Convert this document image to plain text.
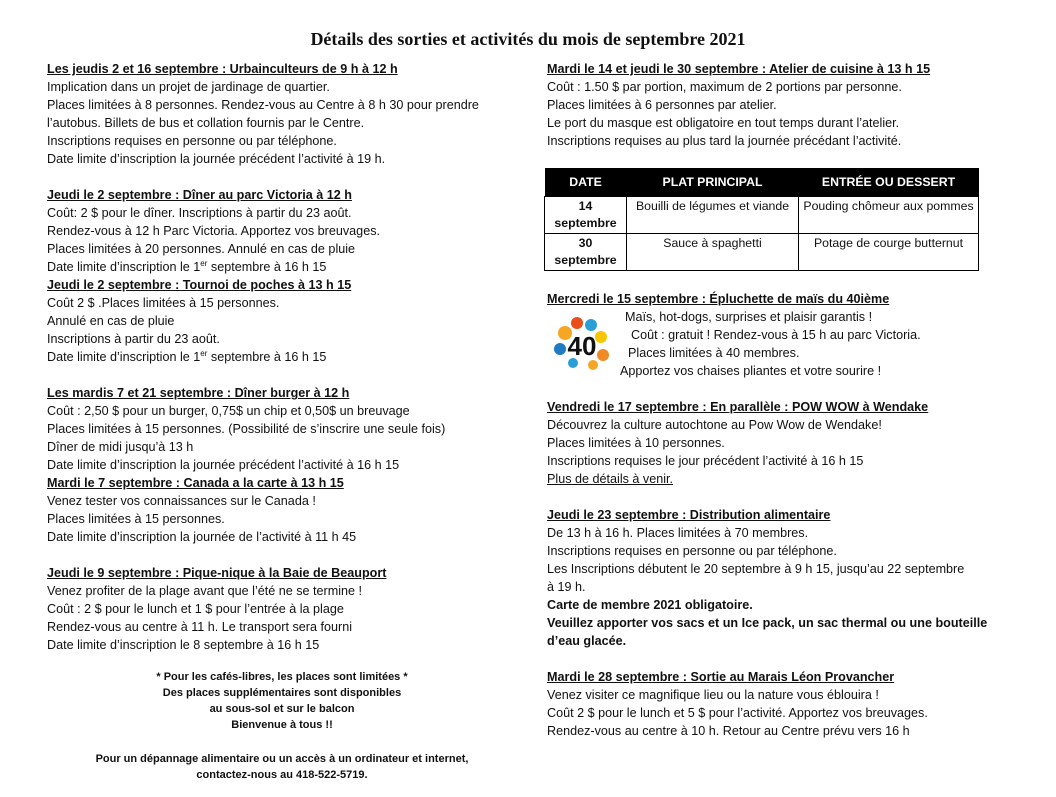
Détails des sorties et activités du mois de septembre 2021
Les jeudis 2 et 16 septembre : Urbainculteurs de 9 h à 12 h
Implication dans un projet de jardinage de quartier.
Places limitées à 8 personnes. Rendez-vous au Centre à 8 h 30 pour prendre
l’autobus. Billets de bus et collation fournis par le Centre.
Inscriptions requises en personne ou par téléphone.
Date limite d’inscription la journée précédent l’activité à 19 h.
Jeudi le 2 septembre : Dîner au parc Victoria à 12 h
Coût: 2 $ pour le dîner. Inscriptions à partir du 23 août.
Rendez-vous à 12 h Parc Victoria. Apportez vos breuvages.
Places limitées à 20 personnes. Annulé en cas de pluie
Date limite d’inscription le 1er septembre à 16 h 15
Jeudi le 2 septembre : Tournoi de poches à 13 h 15
Coût 2 $ .Places limitées à 15 personnes.
Annulé en cas de pluie
Inscriptions à partir du 23 août.
Date limite d’inscription le 1er septembre à 16 h 15
Les mardis 7 et 21 septembre : Dîner burger à 12 h
Coût : 2,50 $ pour un burger, 0,75$ un chip et 0,50$ un breuvage
Places limitées à 15 personnes. (Possibilité de s’inscrire une seule fois)
Dîner de midi jusqu’à 13 h
Date limite d’inscription la journée précédent l’activité à 16 h 15
Mardi le 7 septembre : Canada a la carte à 13 h 15
Venez tester vos connaissances sur le Canada !
Places limitées à 15 personnes.
Date limite d’inscription la journée de l’activité à 11 h 45
Jeudi le 9 septembre : Pique-nique à la Baie de Beauport
Venez profiter de la plage avant que l’été ne se termine !
Coût : 2 $ pour le lunch et 1 $ pour l’entrée à la plage
Rendez-vous au centre à 11 h. Le transport sera fourni
Date limite d’inscription le 8 septembre à 16 h 15
* Pour les cafés-libres, les places sont limitées *
Des places supplémentaires sont disponibles
au sous-sol et sur le balcon
Bienvenue à tous !!
Pour un dépannage alimentaire ou un accès à un ordinateur et internet,
contactez-nous au 418-522-5719.
Mardi le 14 et jeudi le 30 septembre : Atelier de cuisine à 13 h 15
Coût : 1.50 $ par portion, maximum de 2 portions par personne.
Places limitées à 6 personnes par atelier.
Le port du masque est obligatoire en tout temps durant l’atelier.
Inscriptions requises au plus tard la journée précédant l’activité.
DATE	PLAT PRINCIPAL	ENTRÉE OU DESSERT
14
septembre	Bouilli de légumes et viande	Pouding chômeur aux pommes
30
septembre	Sauce à spaghetti	Potage de courge butternut
Mercredi le 15 septembre : Épluchette de maïs du 40ième
40
Maïs, hot-dogs, surprises et plaisir garantis !
Coût : gratuit ! Rendez-vous à 15 h au parc Victoria.
Places limitées à 40 membres.
Apportez vos chaises pliantes et votre sourire !
Vendredi le 17 septembre : En parallèle : POW WOW à Wendake
Découvrez la culture autochtone au Pow Wow de Wendake!
Places limitées à 10 personnes.
Inscriptions requises le jour précédent l’activité à 16 h 15
Plus de détails à venir.
Jeudi le 23 septembre : Distribution alimentaire
De 13 h à 16 h. Places limitées à 70 membres.
Inscriptions requises en personne ou par téléphone.
Les Inscriptions débutent le 20 septembre à 9 h 15, jusqu’au 22 septembre
à 19 h.
Carte de membre 2021 obligatoire.
Veuillez apporter vos sacs et un Ice pack, un sac thermal ou une bouteille
d’eau glacée.
Mardi le 28 septembre : Sortie au Marais Léon Provancher
Venez visiter ce magnifique lieu ou la nature vous éblouira !
Coût 2 $ pour le lunch et 5 $ pour l’activité. Apportez vos breuvages.
Rendez-vous au centre à 10 h. Retour au Centre prévu vers 16 h
